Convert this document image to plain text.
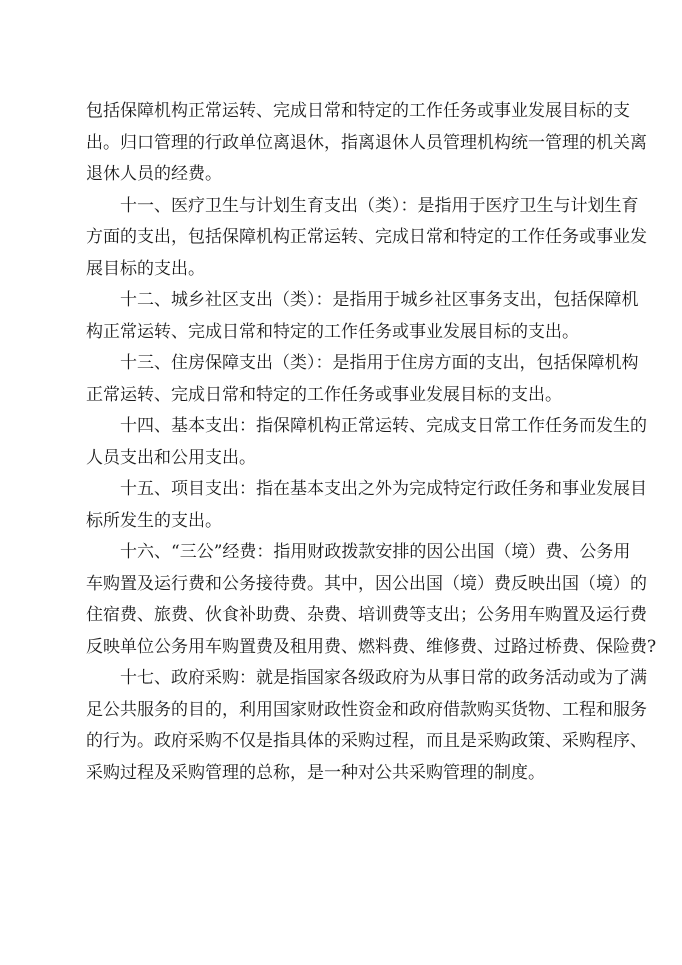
包括保障机构正常运转、完成日常和特定的工作任务或事业发展目标的支
出。归口管理的行政单位离退休，指离退休人员管理机构统一管理的机关离
退休人员的经费。
十一、医疗卫生与计划生育支出（类）：是指用于医疗卫生与计划生育
方面的支出，包括保障机构正常运转、完成日常和特定的工作任务或事业发
展目标的支出。
十二、城乡社区支出（类）：是指用于城乡社区事务支出，包括保障机
构正常运转、完成日常和特定的工作任务或事业发展目标的支出。
十三、住房保障支出（类）：是指用于住房方面的支出，包括保障机构
正常运转、完成日常和特定的工作任务或事业发展目标的支出。
十四、基本支出：指保障机构正常运转、完成支日常工作任务而发生的
人员支出和公用支出。
十五、项目支出：指在基本支出之外为完成特定行政任务和事业发展目
标所发生的支出。
十六、“三公”经费：指用财政拨款安排的因公出国（境）费、公务用
车购置及运行费和公务接待费。其中，因公出国（境）费反映出国（境）的
住宿费、旅费、伙食补助费、杂费、培训费等支出；公务用车购置及运行费
反映单位公务用车购置费及租用费、燃料费、维修费、过路过桥费、保险费?
十七、政府采购：就是指国家各级政府为从事日常的政务活动或为了满
足公共服务的目的，利用国家财政性资金和政府借款购买货物、工程和服务
的行为。政府采购不仅是指具体的采购过程，而且是采购政策、采购程序、
采购过程及采购管理的总称，是一种对公共采购管理的制度。
